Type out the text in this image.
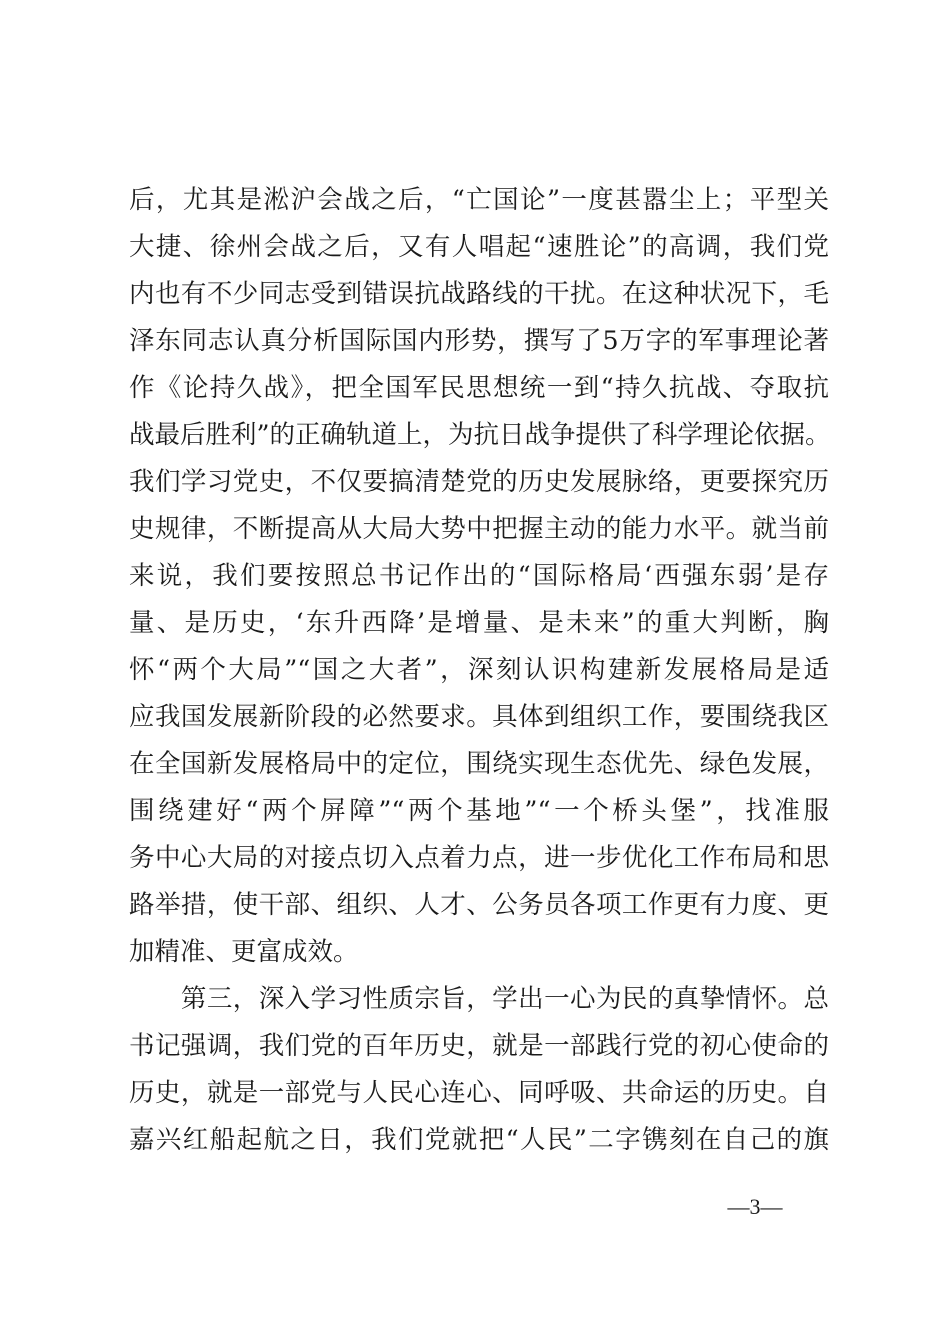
后，尤其是淞沪会战之后，“亡国论”一度甚嚣尘上；平型关
大捷、徐州会战之后，又有人唱起“速胜论”的高调，我们党
内也有不少同志受到错误抗战路线的干扰。在这种状况下，毛
泽东同志认真分析国际国内形势，撰写了5万字的军事理论著
作《论持久战》，把全国军民思想统一到“持久抗战、夺取抗
战最后胜利”的正确轨道上，为抗日战争提供了科学理论依据。
我们学习党史，不仅要搞清楚党的历史发展脉络，更要探究历
史规律，不断提高从大局大势中把握主动的能力水平。就当前
来说，我们要按照总书记作出的“国际格局‘西强东弱’是存
量、是历史，‘东升西降’是增量、是未来”的重大判断，胸
怀“两个大局”“国之大者”，深刻认识构建新发展格局是适
应我国发展新阶段的必然要求。具体到组织工作，要围绕我区
在全国新发展格局中的定位，围绕实现生态优先、绿色发展，
围绕建好“两个屏障”“两个基地”“一个桥头堡”，找准服
务中心大局的对接点切入点着力点，进一步优化工作布局和思
路举措，使干部、组织、人才、公务员各项工作更有力度、更
加精准、更富成效。
　　第三，深入学习性质宗旨，学出一心为民的真挚情怀。总
书记强调，我们党的百年历史，就是一部践行党的初心使命的
历史，就是一部党与人民心连心、同呼吸、共命运的历史。自
嘉兴红船起航之日，我们党就把“人民”二字镌刻在自己的旗
—3—
